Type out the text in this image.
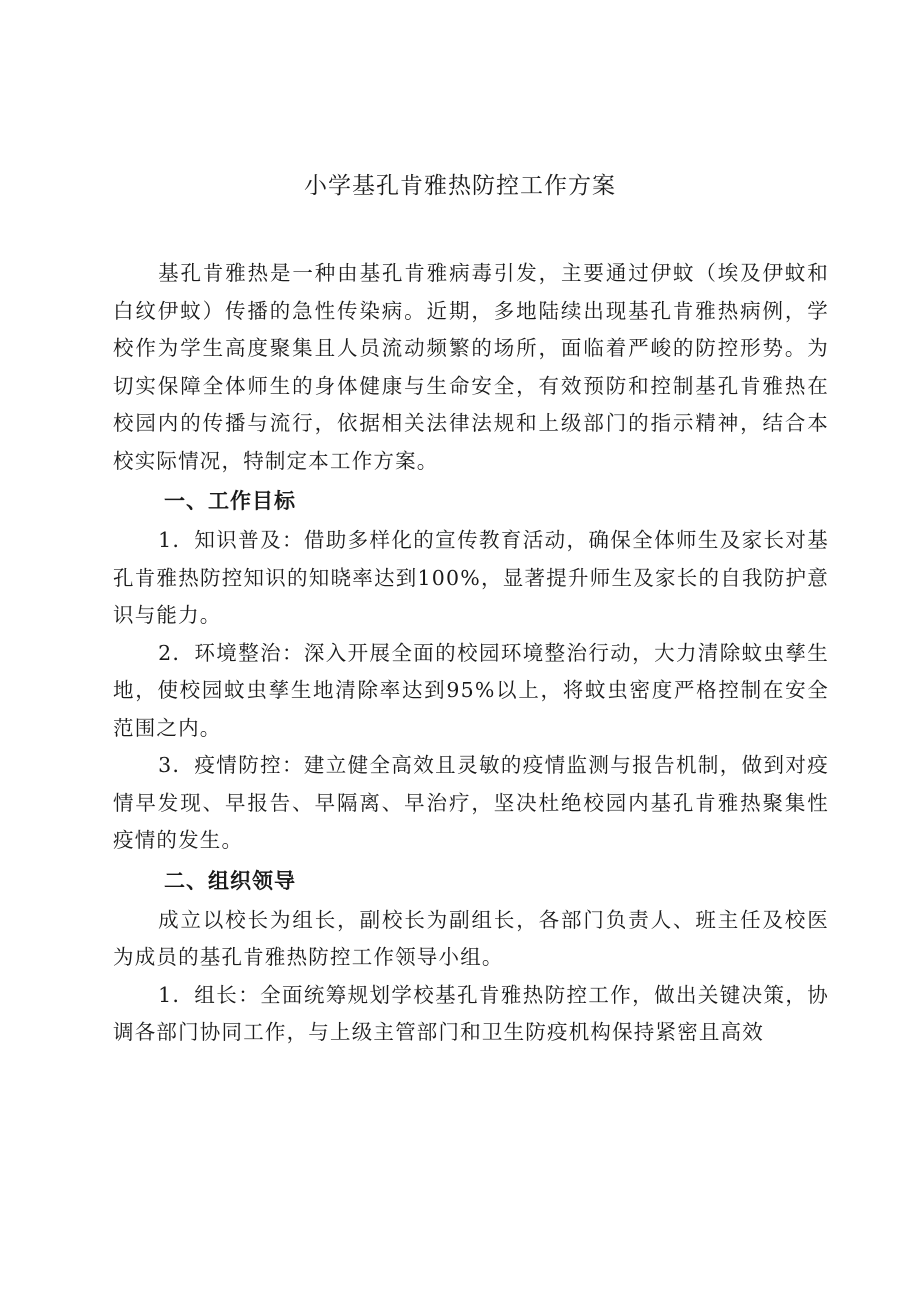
小学基孔肯雅热防控工作方案

基孔肯雅热是一种由基孔肯雅病毒引发，主要通过伊蚊（埃及伊蚊和白纹伊蚊）传播的急性传染病。近期，多地陆续出现基孔肯雅热病例，学校作为学生高度聚集且人员流动频繁的场所，面临着严峻的防控形势。为切实保障全体师生的身体健康与生命安全，有效预防和控制基孔肯雅热在校园内的传播与流行，依据相关法律法规和上级部门的指示精神，结合本校实际情况，特制定本工作方案。

一、工作目标

1．知识普及：借助多样化的宣传教育活动，确保全体师生及家长对基孔肯雅热防控知识的知晓率达到100%，显著提升师生及家长的自我防护意识与能力。

2．环境整治：深入开展全面的校园环境整治行动，大力清除蚊虫孳生地，使校园蚊虫孳生地清除率达到95%以上，将蚊虫密度严格控制在安全范围之内。

3．疫情防控：建立健全高效且灵敏的疫情监测与报告机制，做到对疫情早发现、早报告、早隔离、早治疗，坚决杜绝校园内基孔肯雅热聚集性疫情的发生。

二、组织领导

成立以校长为组长，副校长为副组长，各部门负责人、班主任及校医为成员的基孔肯雅热防控工作领导小组。

1．组长：全面统筹规划学校基孔肯雅热防控工作，做出关键决策，协调各部门协同工作，与上级主管部门和卫生防疫机构保持紧密且高效
